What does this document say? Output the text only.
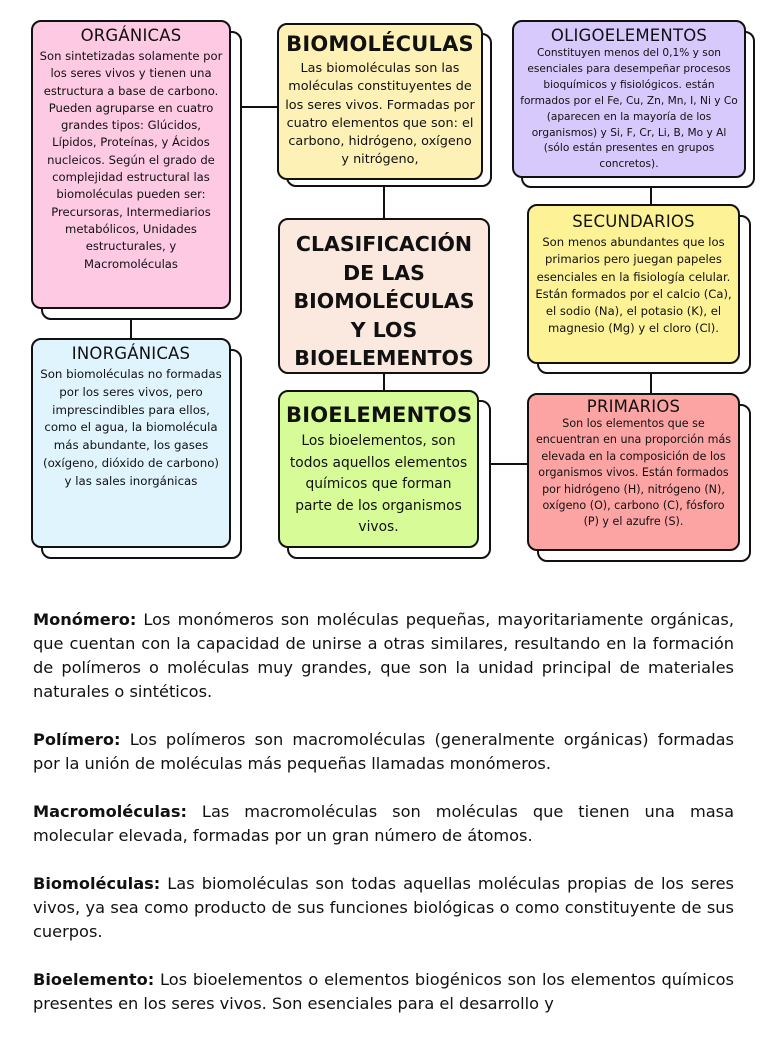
ORGÁNICAS
Son sintetizadas solamente por los seres vivos y tienen una estructura a base de carbono. Pueden agruparse en cuatro grandes tipos: Glúcidos, Lípidos, Proteínas, y Ácidos nucleicos. Según el grado de complejidad estructural las biomoléculas pueden ser: Precursoras, Intermediarios metabólicos, Unidades estructurales, y Macromoléculas
INORGÁNICAS
Son biomoléculas no formadas por los seres vivos, pero imprescindibles para ellos, como el agua, la biomolécula más abundante, los gases (oxígeno, dióxido de carbono) y las sales inorgánicas
BIOMOLÉCULAS
Las biomoléculas son las moléculas constituyentes de los seres vivos. Formadas por cuatro elementos que son: el carbono, hidrógeno, oxígeno y nitrógeno,
CLASIFICACIÓN DE LAS BIOMOLÉCULAS Y LOS BIOELEMENTOS
BIOELEMENTOS
Los bioelementos, son todos aquellos elementos químicos que forman parte de los organismos vivos.
OLIGOELEMENTOS
Constituyen menos del 0,1% y son esenciales para desempeñar procesos bioquímicos y fisiológicos. están formados por el Fe, Cu, Zn, Mn, I, Ni y Co (aparecen en la mayoría de los organismos) y Si, F, Cr, Li, B, Mo y Al (sólo están presentes en grupos concretos).
SECUNDARIOS
Son menos abundantes que los primarios pero juegan papeles esenciales en la fisiología celular. Están formados por el calcio (Ca), el sodio (Na), el potasio (K), el magnesio (Mg) y el cloro (Cl).
PRIMARIOS
Son los elementos que se encuentran en una proporción más elevada en la composición de los organismos vivos. Están formados por hidrógeno (H), nitrógeno (N), oxígeno (O), carbono (C), fósforo (P) y el azufre (S).

Monómero: Los monómeros son moléculas pequeñas, mayoritariamente orgánicas, que cuentan con la capacidad de unirse a otras similares, resultando en la formación de polímeros o moléculas muy grandes, que son la unidad principal de materiales naturales o sintéticos.

Polímero: Los polímeros son macromoléculas (generalmente orgánicas) formadas por la unión de moléculas más pequeñas llamadas monómeros.

Macromoléculas: Las macromoléculas son moléculas que tienen una masa molecular elevada, formadas por un gran número de átomos.

Biomoléculas: Las biomoléculas son todas aquellas moléculas propias de los seres vivos, ya sea como producto de sus funciones biológicas o como constituyente de sus cuerpos.

Bioelemento: Los bioelementos o elementos biogénicos son los elementos químicos presentes en los seres vivos. Son esenciales para el desarrollo y
